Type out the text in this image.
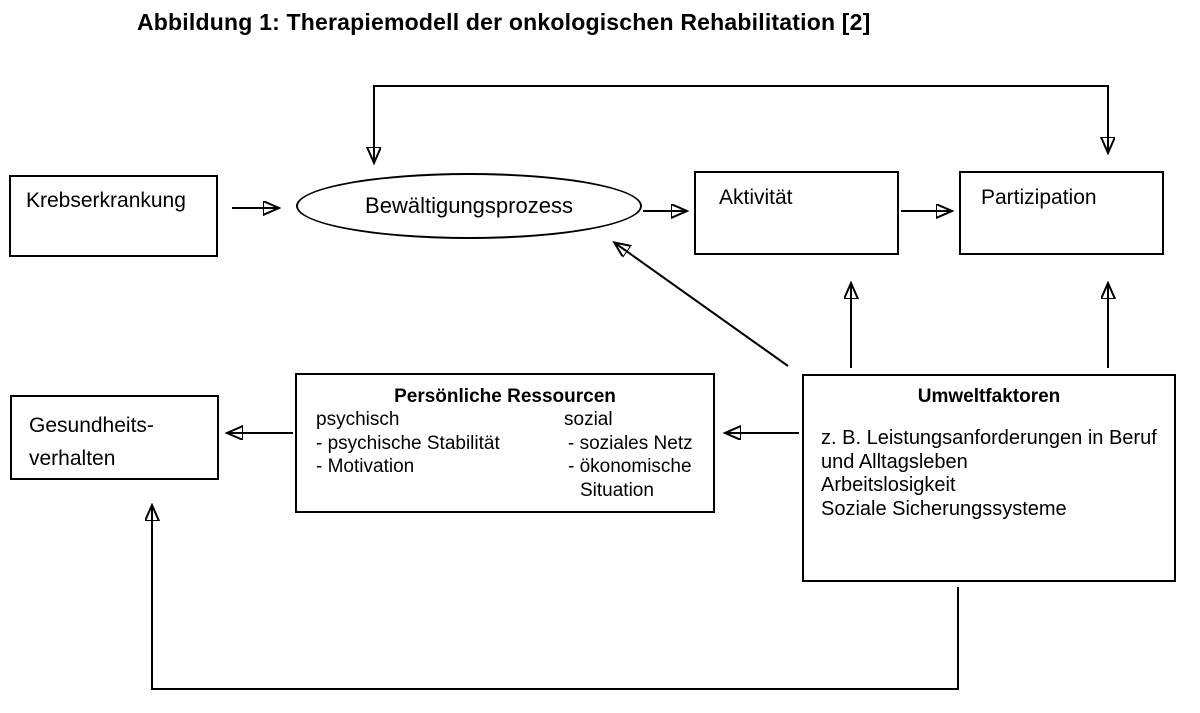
Abbildung 1: Therapiemodell der onkologischen Rehabilitation [2]
Krebserkrankung	Bewältigungsprozess	Aktivität	Partizipation
Gesundheits-
verhalten
Persönliche Ressourcen
psychisch
- psychische Stabilität
- Motivation
sozial
- soziales Netz
- ökonomische
Situation
Umweltfaktoren
z. B. Leistungsanforderungen in Beruf
und Alltagsleben
Arbeitslosigkeit
Soziale Sicherungssysteme
